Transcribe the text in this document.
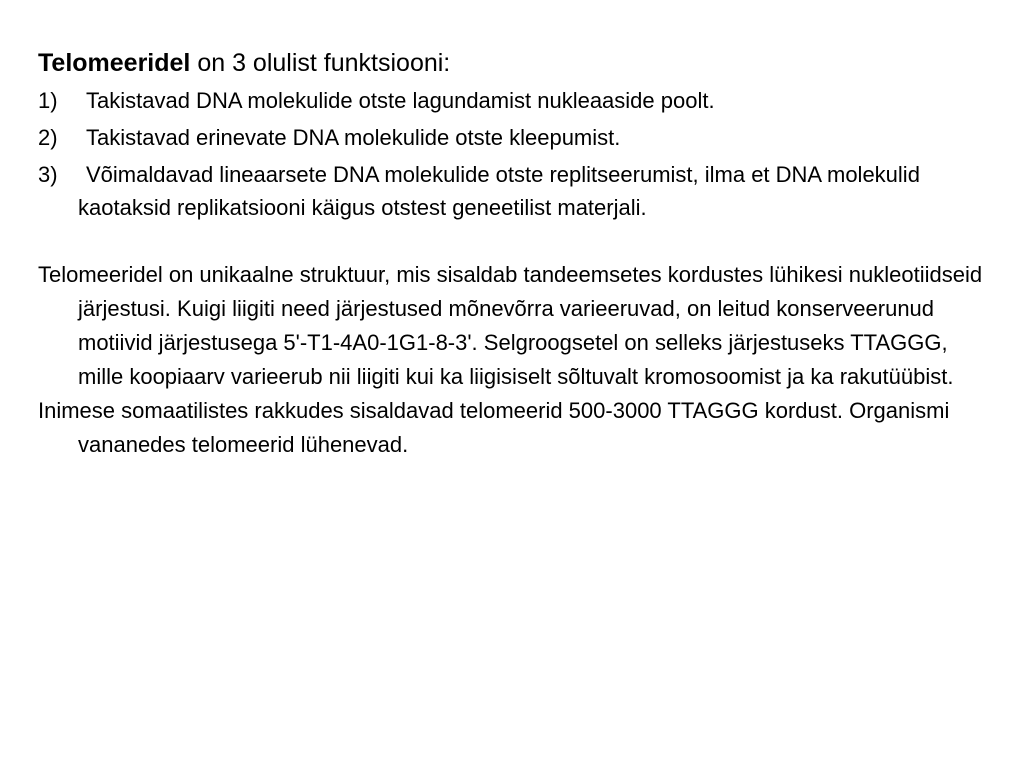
Telomeeridel on 3 olulist funktsiooni:

1) Takistavad DNA molekulide otste lagundamist nukleaaside poolt.
2) Takistavad erinevate DNA molekulide otste kleepumist.
3) Võimaldavad lineaarsete DNA molekulide otste replitseerumist, ilma et DNA molekulid kaotaksid replikatsiooni käigus otstest geneetilist materjali.

Telomeeridel on unikaalne struktuur, mis sisaldab tandeemsetes kordustes lühikesi nukleotiidseid järjestusi. Kuigi liigiti need järjestused mõnevõrra varieeruvad, on leitud konserveerunud motiivid järjestusega 5'-T1-4A0-1G1-8-3'. Selgroogsetel on selleks järjestuseks TTAGGG, mille koopiaarv varieerub nii liigiti kui ka liigisiselt sõltuvalt kromosoomist ja ka rakutüübist.

Inimese somaatilistes rakkudes sisaldavad telomeerid 500-3000 TTAGGG kordust. Organismi vananedes telomeerid lühenevad.
